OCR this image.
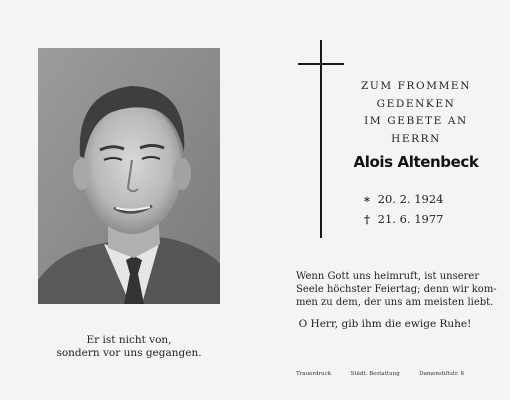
Er ist nicht von,
sondern vor uns gegangen.
ZUM FROMMEN
GEDENKEN
IM GEBETE AN
HERRN
Alois Altenbeck
∗ 20. 2. 1924
† 21. 6. 1977
Wenn Gott uns heimruft, ist unserer
Seele höchster Feiertag; denn wir kom-
men zu dem, der uns am meisten liebt.
O Herr, gib ihm die ewige Ruhe!
Trauerdruck	Städt. Bestattung	Damenstiftstr. 8
